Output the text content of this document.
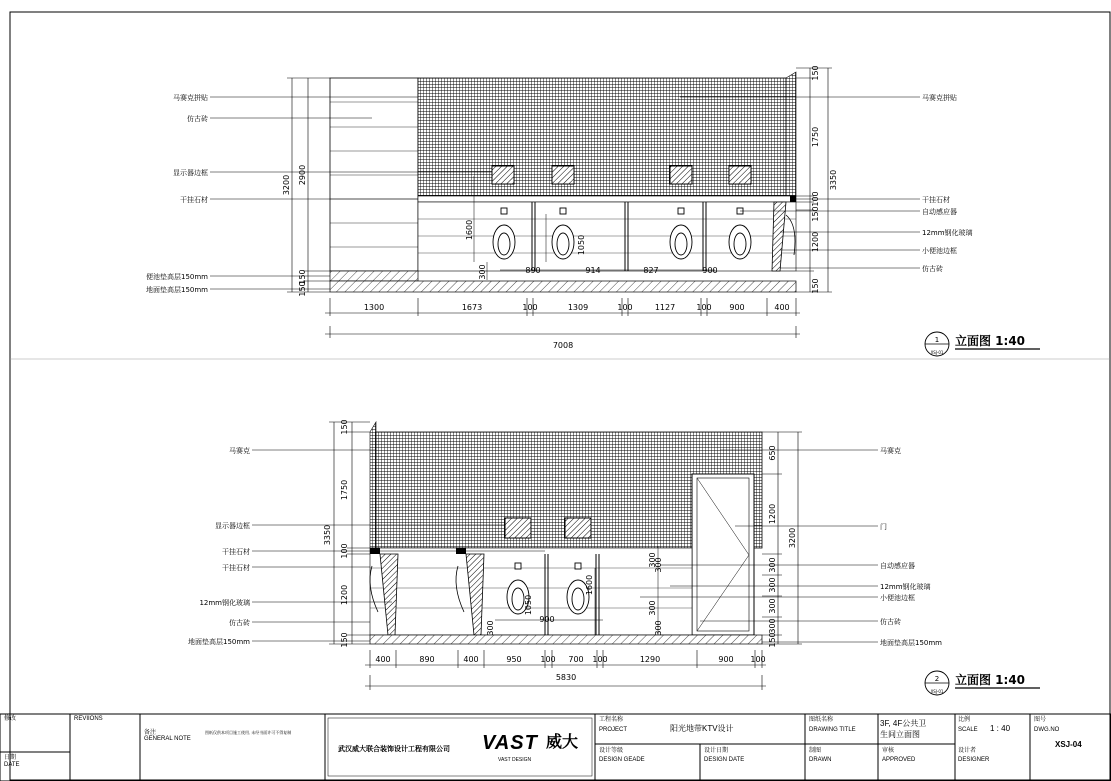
1300	1673	100	1309	100	1127	100 900	400
7008
3200 2900
150
150
150
1750
100
150
1200
150
3350
1600
1050
300	890	914	827	900
马赛克拼贴
仿古砖
显示器边框
干挂石材
便池垫高层150mm
地面垫高层150mm
马赛克拼贴
干挂石材
自动感应器
12mm钢化玻璃
小便池边框
仿古砖
1
XSJ-01
立面图 1:40
400	890	400	950 100 700 100	1290	900 100
5830
150
1750
100
1200
150
3350
650
1200
300
300
300
300
150
3200
1600
1050
300
300
300
900
300
300
马赛克
显示器边框
干挂石材
干挂石材
12mm钢化玻璃
仿古砖
地面垫高层150mm
马赛克
门
自动感应器
12mm钢化玻璃
小便池边框
仿古砖
地面垫高层150mm
2
XSJ-01
立面图 1:40
修改	REVIIONS
日期
DATE
备注
GENERAL NOTE
图纸仅供本项目施工使用, 未经书面许可不得复制
武汉威大联合装饰设计工程有限公司 VAST 威大
VAST DESIGN
工程名称
PROJECT	阳光地带KTV设计
设计等级
DESIGN GEADE
设计日期
DESIGN DATE
图纸名称
DRAWING TITLE
3F, 4F公共卫
生间立面图
制图
DRAWN
审核
APPROVED
比例
SCALE 1 : 40
设计者
DESIGNER
图号
DWG.NO
XSJ-04
